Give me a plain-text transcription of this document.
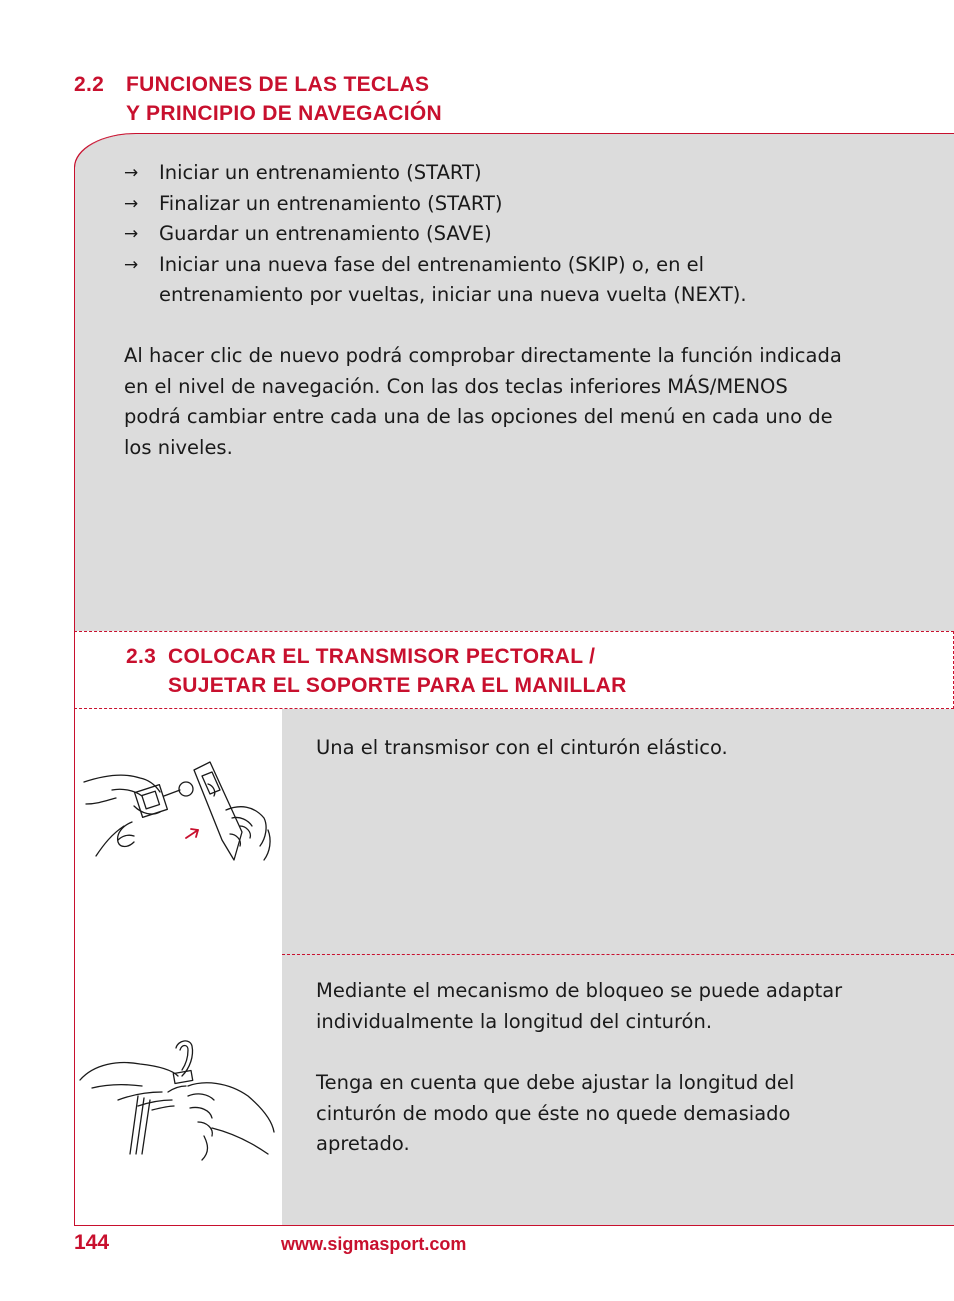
2.2 FUNCIONES DE LAS TECLAS
Y PRINCIPIO DE NAVEGACIÓN
→ Iniciar un entrenamiento (START)
→ Finalizar un entrenamiento (START)
→ Guardar un entrenamiento (SAVE)
→ Iniciar una nueva fase del entrenamiento (SKIP) o, en el entrenamiento por vueltas, iniciar una nueva vuelta (NEXT).

Al hacer clic de nuevo podrá comprobar directamente la función indicada en el nivel de navegación. Con las dos teclas inferiores MÁS/MENOS podrá cambiar entre cada una de las opciones del menú en cada uno de los niveles.

2.3 COLOCAR EL TRANSMISOR PECTORAL /
SUJETAR EL SOPORTE PARA EL MANILLAR

Una el transmisor con el cinturón elástico.

Mediante el mecanismo de bloqueo se puede adaptar individualmente la longitud del cinturón.

Tenga en cuenta que debe ajustar la longitud del cinturón de modo que éste no quede demasiado apretado.

144	www.sigmasport.com
